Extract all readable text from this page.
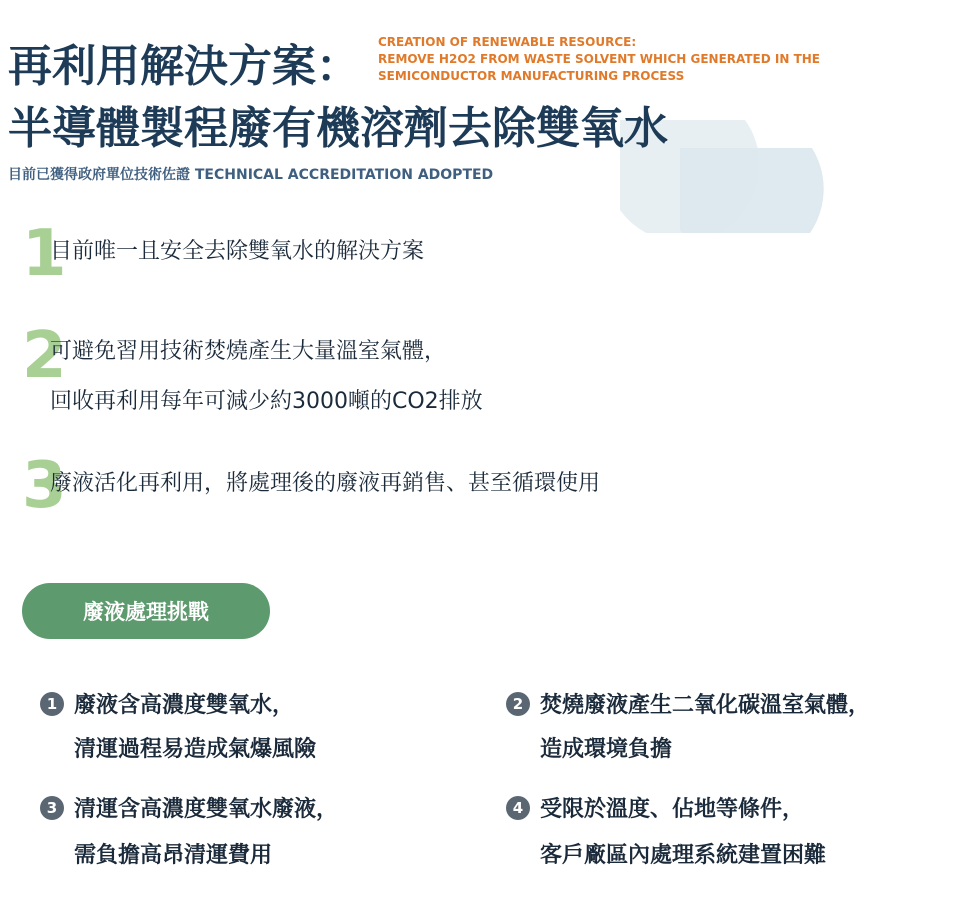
再利用解決方案： CREATION OF RENEWABLE RESOURCE:
REMOVE H2O2 FROM WASTE SOLVENT WHICH GENERATED IN THE
SEMICONDUCTOR MANUFACTURING PROCESS
半導體製程廢有機溶劑去除雙氧水
目前已獲得政府單位技術佐證 TECHNICAL ACCREDITATION ADOPTED
1
目前唯一且安全去除雙氧水的解決方案
2
可避免習用技術焚燒產生大量溫室氣體，
回收再利用每年可減少約3000噸的CO2排放
3
廢液活化再利用，將處理後的廢液再銷售、甚至循環使用
廢液處理挑戰
1 廢液含高濃度雙氧水，
清運過程易造成氣爆風險
2 焚燒廢液產生二氧化碳溫室氣體，
造成環境負擔
3 清運含高濃度雙氧水廢液，
需負擔高昂清運費用
4 受限於溫度、佔地等條件，
客戶廠區內處理系統建置困難
